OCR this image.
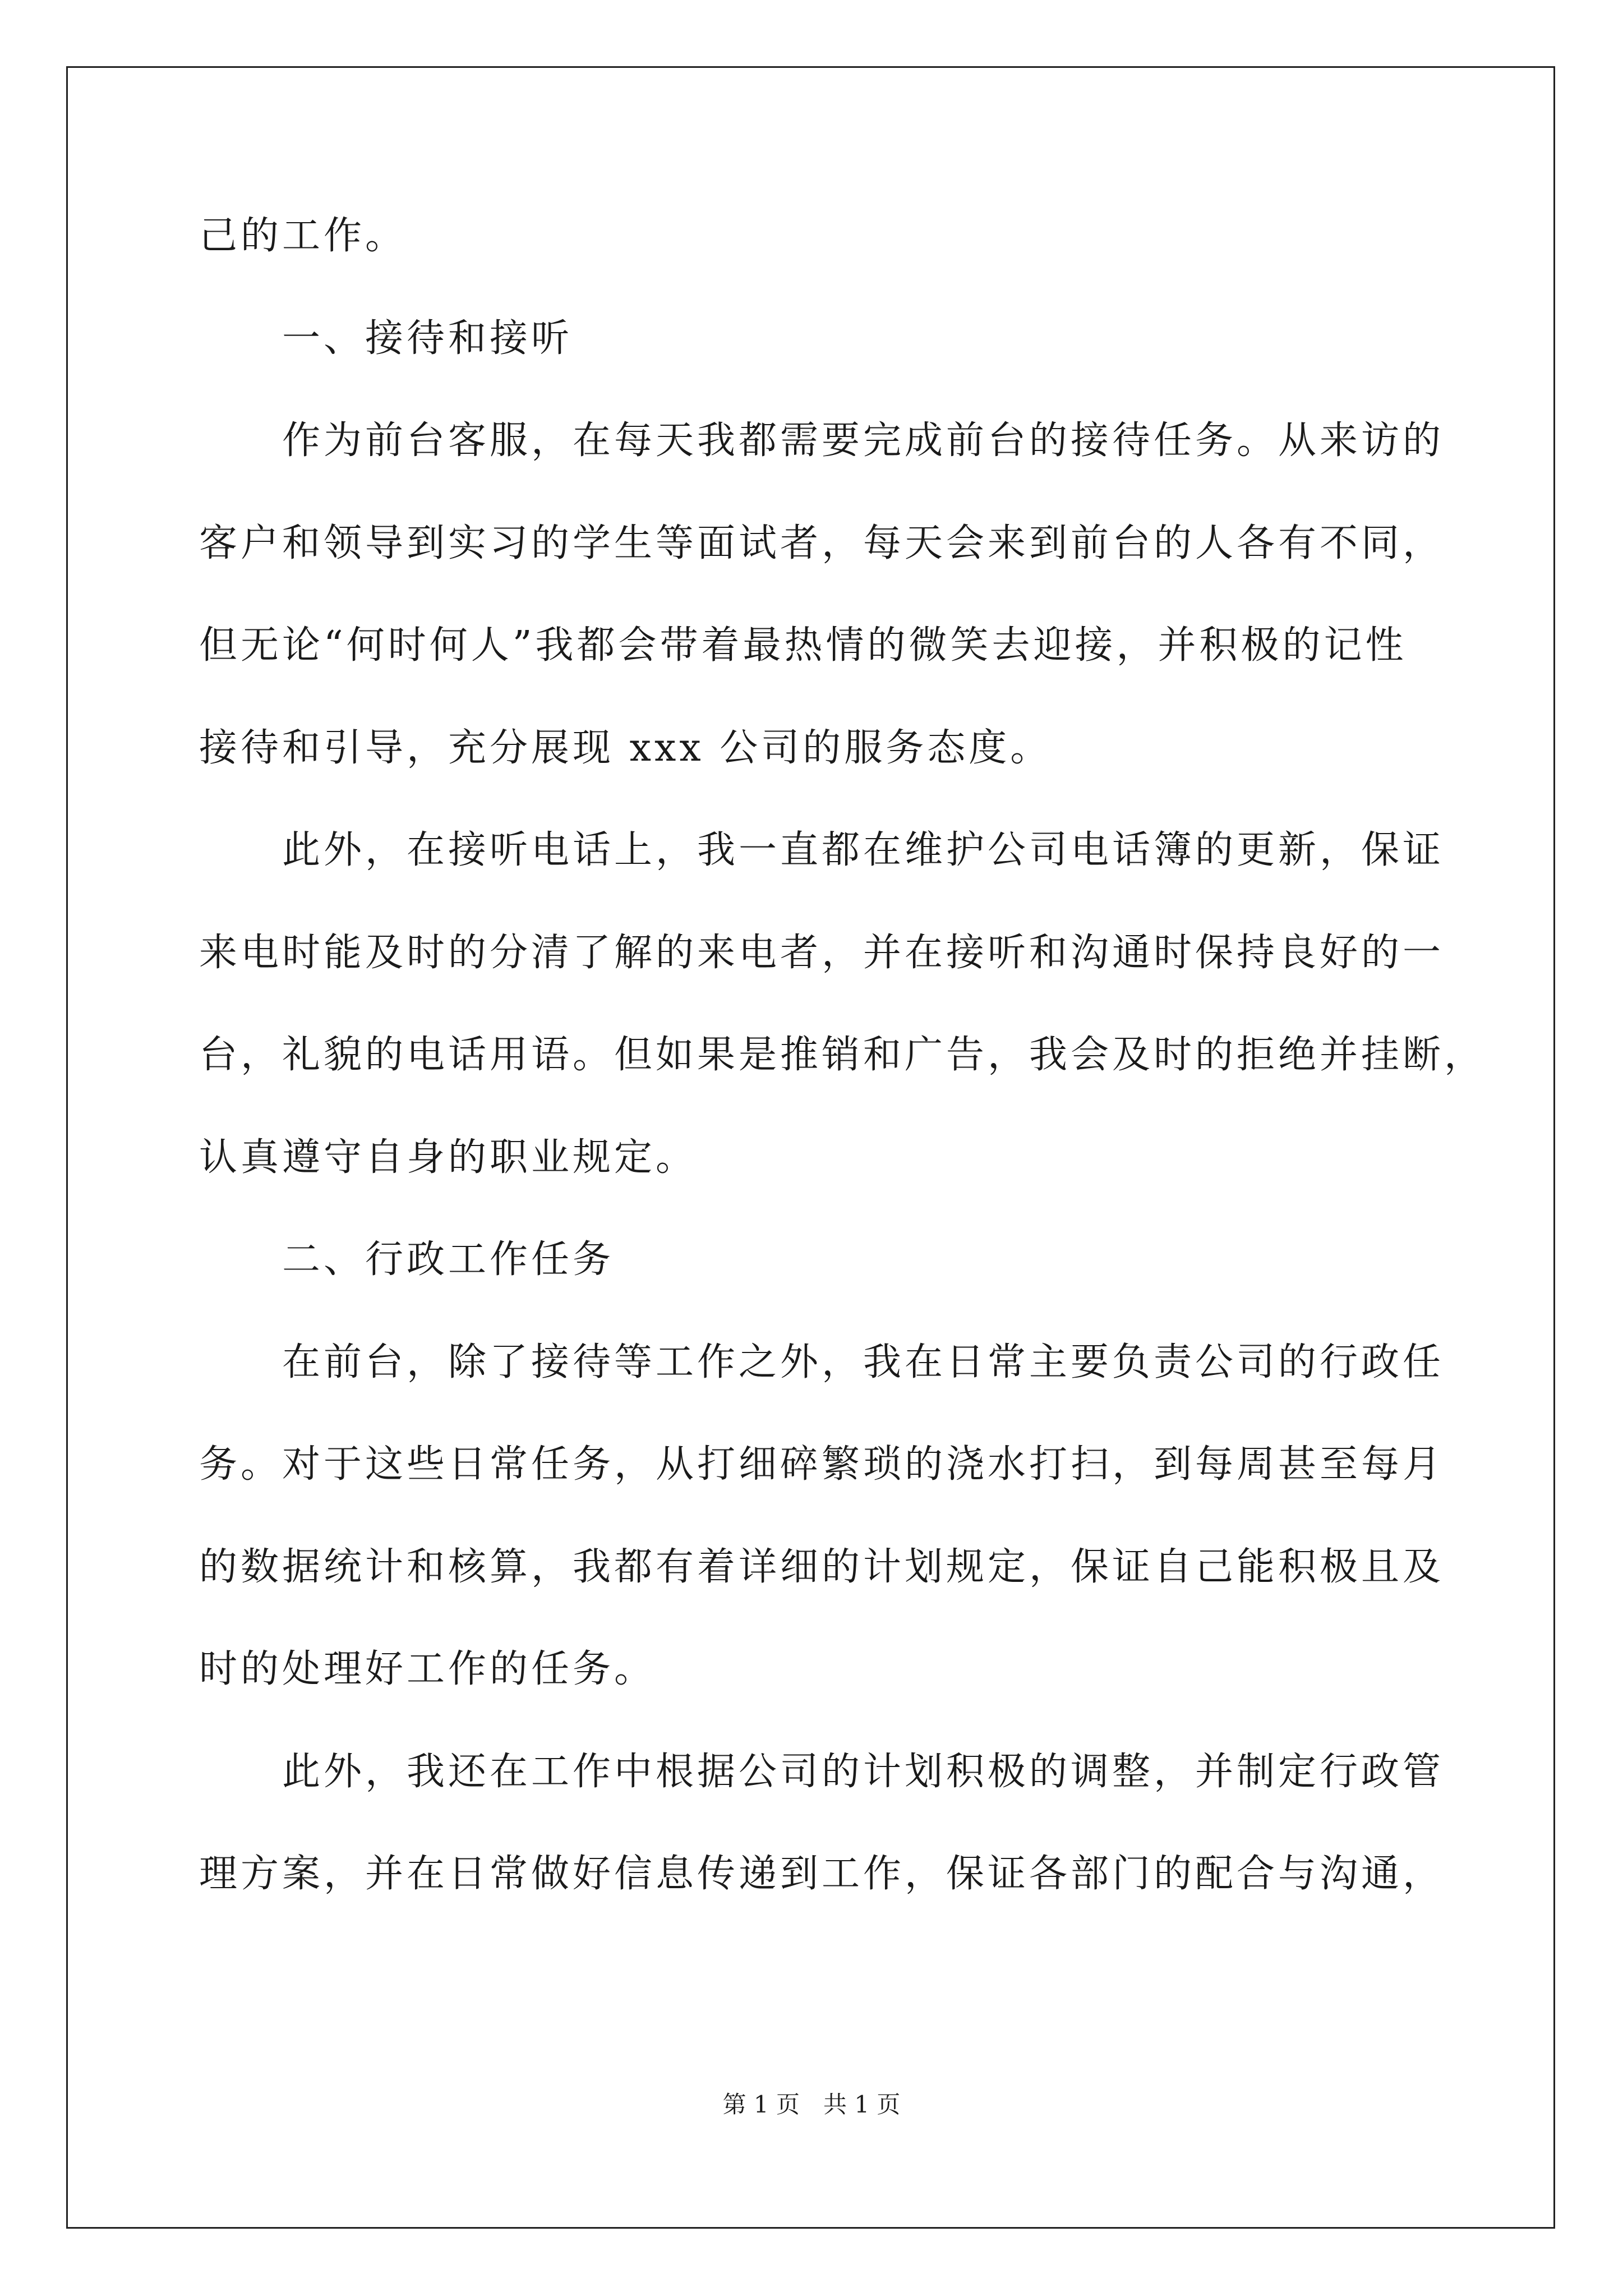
己的工作。
一、接待和接听
作为前台客服，在每天我都需要完成前台的接待任务。从来访的
客户和领导到实习的学生等面试者，每天会来到前台的人各有不同，
但无论“何时何人”我都会带着最热情的微笑去迎接，并积极的记性
接待和引导，充分展现 xxx 公司的服务态度。
此外，在接听电话上，我一直都在维护公司电话簿的更新，保证
来电时能及时的分清了解的来电者，并在接听和沟通时保持良好的一
台，礼貌的电话用语。但如果是推销和广告，我会及时的拒绝并挂断，
认真遵守自身的职业规定。
二、行政工作任务
在前台，除了接待等工作之外，我在日常主要负责公司的行政任
务。对于这些日常任务，从打细碎繁琐的浇水打扫，到每周甚至每月
的数据统计和核算，我都有着详细的计划规定，保证自己能积极且及
时的处理好工作的任务。
此外，我还在工作中根据公司的计划积极的调整，并制定行政管
理方案，并在日常做好信息传递到工作，保证各部门的配合与沟通，
第 1 页　共 1 页
